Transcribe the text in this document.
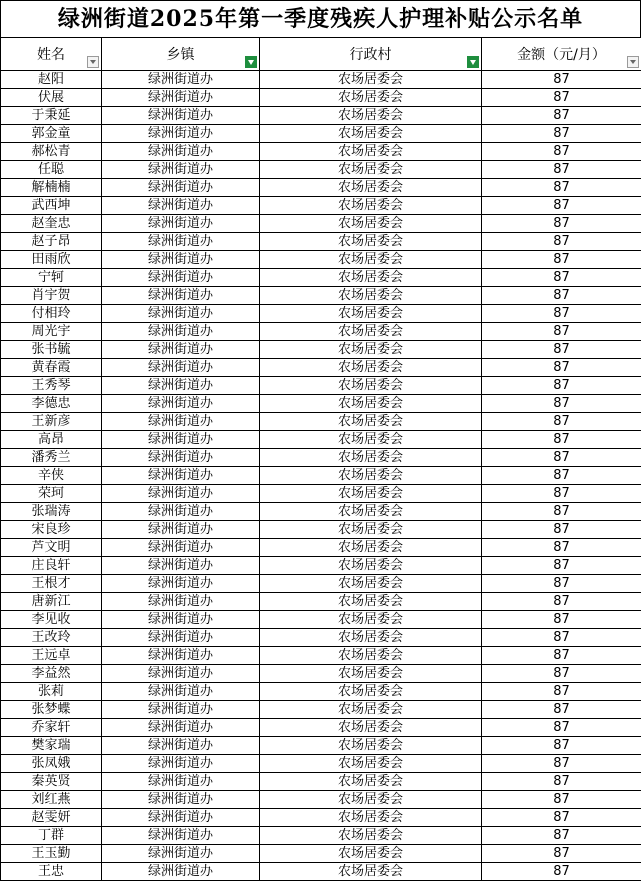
绿洲街道2025年第一季度残疾人护理补贴公示名单
姓名	乡镇	行政村	金额（元/月）

赵阳	绿洲街道办	农场居委会	87
伏展	绿洲街道办	农场居委会	87
于秉延	绿洲街道办	农场居委会	87
郭金童	绿洲街道办	农场居委会	87
郝松青	绿洲街道办	农场居委会	87
任聪	绿洲街道办	农场居委会	87
解楠楠	绿洲街道办	农场居委会	87
武西坤	绿洲街道办	农场居委会	87
赵奎忠	绿洲街道办	农场居委会	87
赵子昂	绿洲街道办	农场居委会	87
田雨欣	绿洲街道办	农场居委会	87
宁轲	绿洲街道办	农场居委会	87
肖宇贺	绿洲街道办	农场居委会	87
付相玲	绿洲街道办	农场居委会	87
周光宇	绿洲街道办	农场居委会	87
张书毓	绿洲街道办	农场居委会	87
黄春霞	绿洲街道办	农场居委会	87
王秀琴	绿洲街道办	农场居委会	87
李德忠	绿洲街道办	农场居委会	87
王新彦	绿洲街道办	农场居委会	87
高昂	绿洲街道办	农场居委会	87
潘秀兰	绿洲街道办	农场居委会	87
辛侠	绿洲街道办	农场居委会	87
荣珂	绿洲街道办	农场居委会	87
张瑞涛	绿洲街道办	农场居委会	87
宋良珍	绿洲街道办	农场居委会	87
芦文明	绿洲街道办	农场居委会	87
庄良轩	绿洲街道办	农场居委会	87
王根才	绿洲街道办	农场居委会	87
唐新江	绿洲街道办	农场居委会	87
李见收	绿洲街道办	农场居委会	87
王改玲	绿洲街道办	农场居委会	87
王远卓	绿洲街道办	农场居委会	87
李益然	绿洲街道办	农场居委会	87
张莉	绿洲街道办	农场居委会	87
张梦蝶	绿洲街道办	农场居委会	87
乔家轩	绿洲街道办	农场居委会	87
樊家瑞	绿洲街道办	农场居委会	87
张凤娥	绿洲街道办	农场居委会	87
秦英贤	绿洲街道办	农场居委会	87
刘红燕	绿洲街道办	农场居委会	87
赵雯妍	绿洲街道办	农场居委会	87
丁群	绿洲街道办	农场居委会	87
王玉勤	绿洲街道办	农场居委会	87
王忠	绿洲街道办	农场居委会	87
